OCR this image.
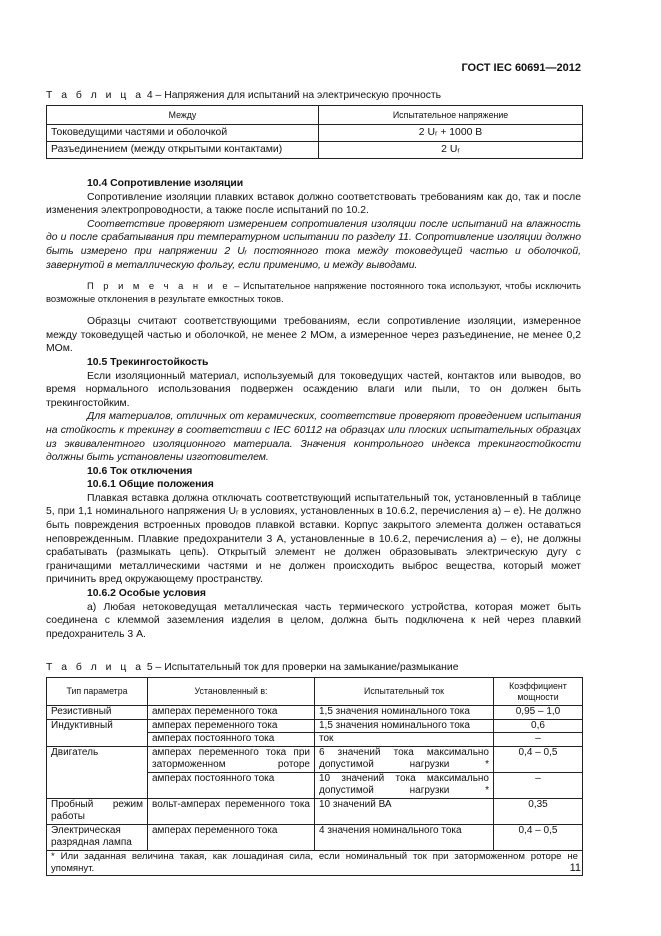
ГОСТ IEC 60691—2012
Т а б л и ц а 4 – Напряжения для испытаний на электрическую прочность
Между	Испытательное напряжение
Токоведущими частями и оболочкой	2 Uᵣ + 1000 В
Разъединением (между открытыми контактами)	2 Uᵣ

10.4 Сопротивление изоляции

Сопротивление изоляции плавких вставок должно соответствовать требованиям как до, так и после изменения электропроводности, а также после испытаний по 10.2.

Соответствие проверяют измерением сопротивления изоляции после испытаний на влажность до и после срабатывания при температурном испытании по разделу 11. Сопротивление изоляции должно быть измерено при напряжении 2 Uᵣ постоянного тока между токоведущей частью и оболочкой, завернутой в металлическую фольгу, если применимо, и между выводами.

П р и м е ч а н и е – Испытательное напряжение постоянного тока используют, чтобы исключить возможные отклонения в результате емкостных токов.

Образцы считают соответствующими требованиям, если сопротивление изоляции, измеренное между токоведущей частью и оболочкой, не менее 2 МОм, а измеренное через разъединение, не менее 0,2 МОм.

10.5 Трекингостойкость

Если изоляционный материал, используемый для токоведущих частей, контактов или выводов, во время нормального использования подвержен осаждению влаги или пыли, то он должен быть трекингостойким.

Для материалов, отличных от керамических, соответствие проверяют проведением испытания на стойкость к трекингу в соответствии с IEC 60112 на образцах или плоских испытательных образцах из эквивалентного изоляционного материала. Значения контрольного индекса трекингостойкости должны быть установлены изготовителем.

10.6 Ток отключения

10.6.1 Общие положения

Плавкая вставка должна отключать соответствующий испытательный ток, установленный в таблице 5, при 1,1 номинального напряжения Uᵣ в условиях, установленных в 10.6.2, перечисления а) – е). Не должно быть повреждения встроенных проводов плавкой вставки. Корпус закрытого элемента должен оставаться неповрежденным. Плавкие предохранители 3 А, установленные в 10.6.2, перечисления а) – е), не должны срабатывать (размыкать цепь). Открытый элемент не должен образовывать электрическую дугу с граничащими металлическими частями и не должен происходить выброс вещества, который может причинить вред окружающему пространству.

10.6.2 Особые условия

а) Любая нетоковедущая металлическая часть термического устройства, которая может быть соединена с клеммой заземления изделия в целом, должна быть подключена к ней через плавкий предохранитель 3 А.

Т а б л и ц а 5 – Испытательный ток для проверки на замыкание/размыкание
Тип параметра	Установленный в:	Испытательный ток	Коэффициент мощности
Резистивный	амперах переменного тока	1,5 значения номинального тока	0,95 – 1,0
Индуктивный	амперах переменного тока	1,5 значения номинального тока	0,6
	амперах постоянного тока	ток	–
Двигатель	амперах переменного тока при заторможенном роторе	6 значений тока максимально допустимой нагрузки *	0,4 – 0,5
	амперах постоянного тока	10 значений тока максимально допустимой нагрузки *	–
Пробный режим работы	вольт-амперах переменного тока	10 значений ВА	0,35
Электрическая разрядная лампа	амперах переменного тока	4 значения номинального тока	0,4 – 0,5
* Или заданная величина такая, как лошадиная сила, если номинальный ток при заторможенном роторе не упомянут.				11
